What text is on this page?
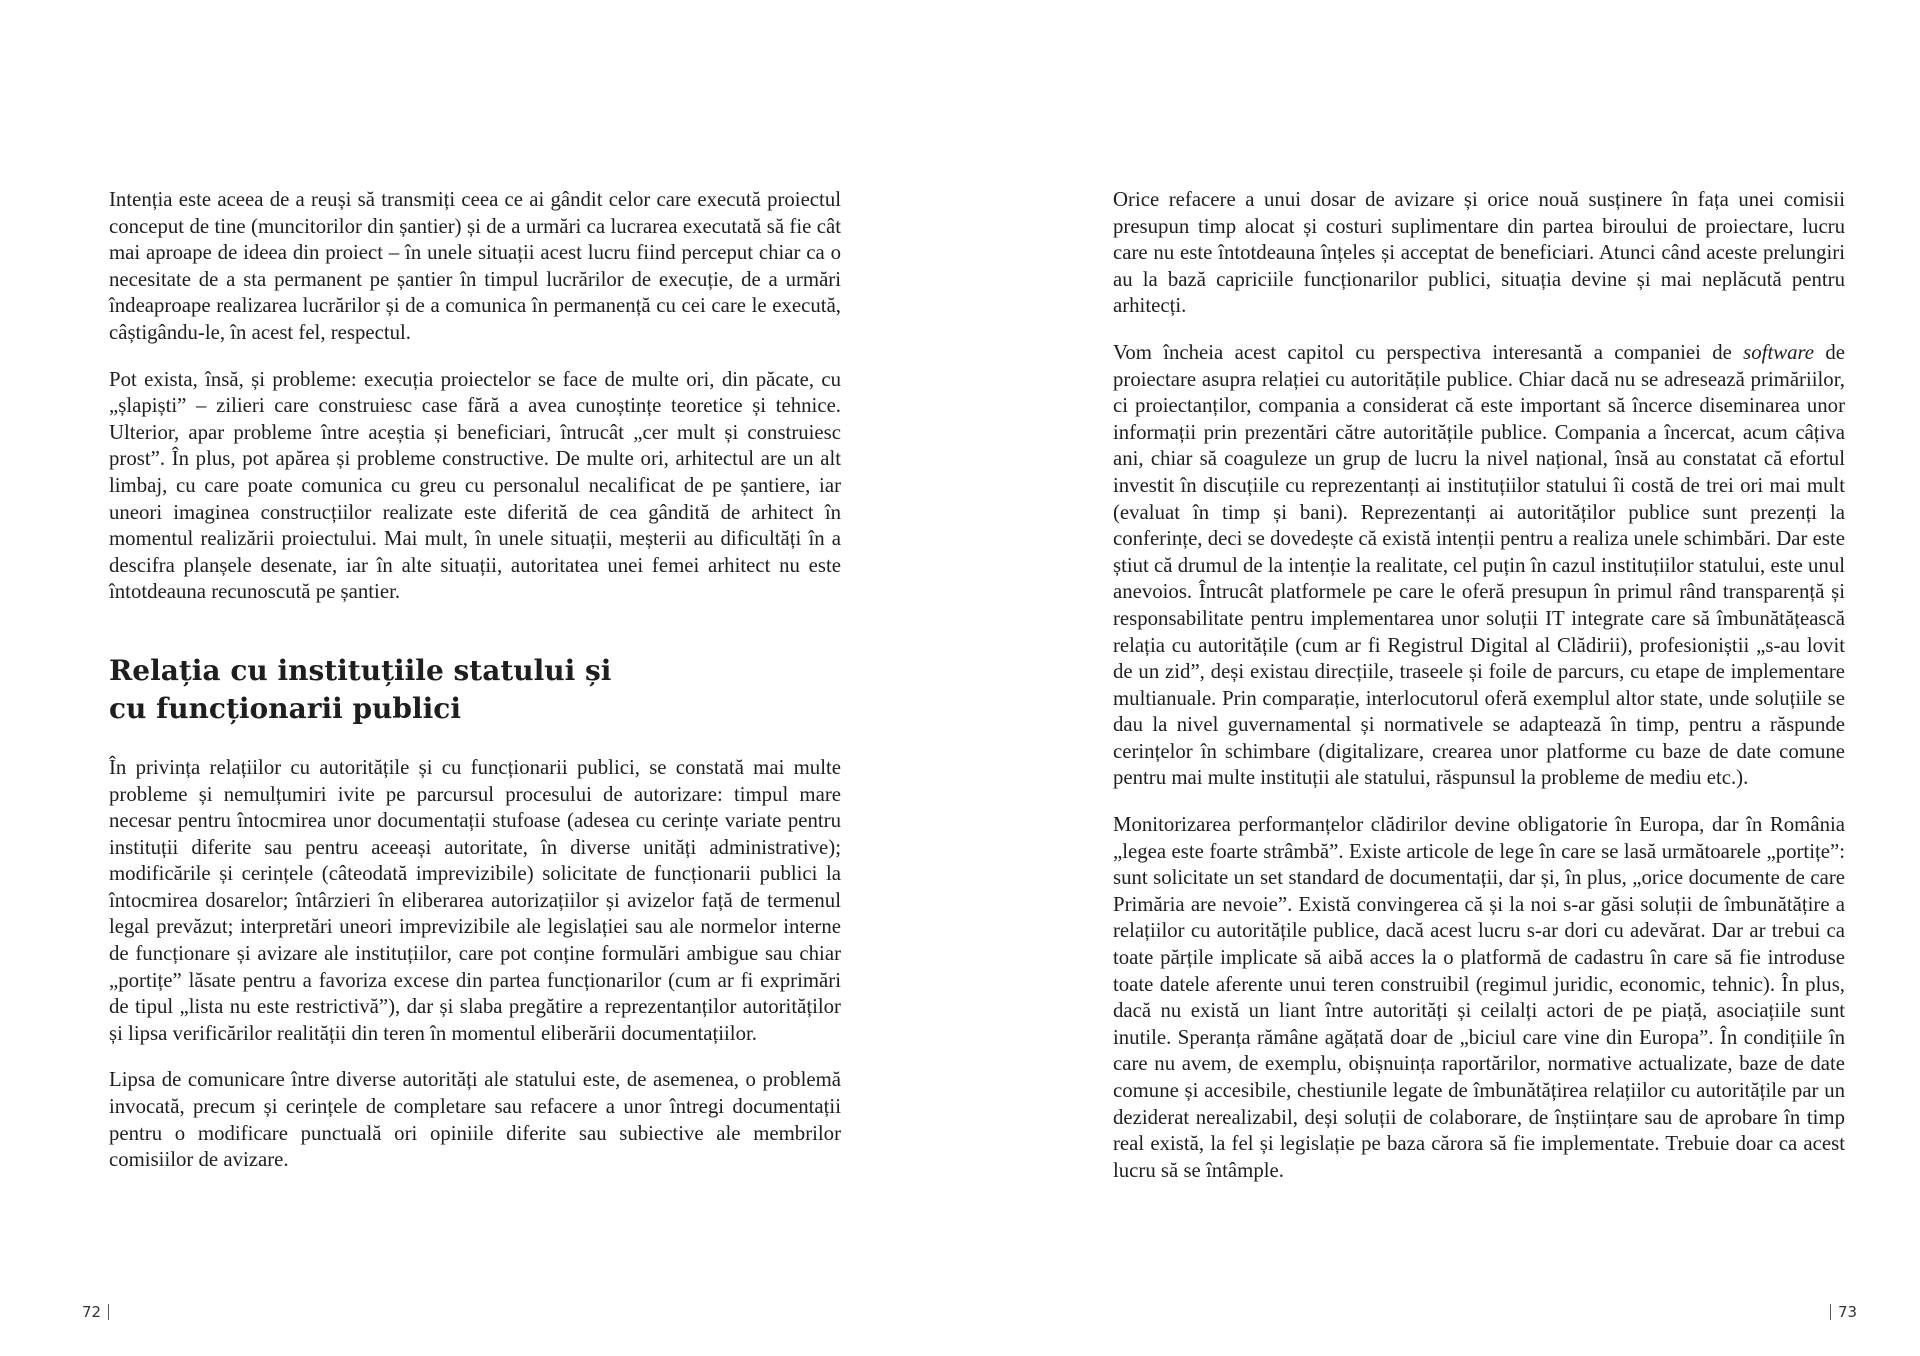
Intenția este aceea de a reuși să transmiți ceea ce ai gândit celor care execută proiectul conceput de tine (muncitorilor din șantier) și de a urmări ca lucrarea executată să fie cât mai aproape de ideea din proiect – în unele situații acest lucru fiind perceput chiar ca o necesitate de a sta permanent pe șantier în timpul lucrărilor de execuție, de a urmări îndeaproape realizarea lucrărilor și de a comunica în permanență cu cei care le execută, câștigându-le, în acest fel, respectul.

Pot exista, însă, și probleme: execuția proiectelor se face de multe ori, din păcate, cu „șlapiști” – zilieri care construiesc case fără a avea cunoștințe teoretice și tehnice. Ulterior, apar probleme între aceștia și beneficiari, întrucât „cer mult și construiesc prost”. În plus, pot apărea și probleme constructive. De multe ori, arhitectul are un alt limbaj, cu care poate comunica cu greu cu personalul necalificat de pe șantiere, iar uneori imaginea construcțiilor realizate este diferită de cea gândită de arhitect în momentul realizării proiectului. Mai mult, în unele situații, meșterii au dificultăți în a descifra planșele desenate, iar în alte situații, autoritatea unei femei arhitect nu este întotdeauna recunoscută pe șantier.

Relația cu instituțiile statului și cu funcționarii publici

În privința relațiilor cu autoritățile și cu funcționarii publici, se constată mai multe probleme și nemulțumiri ivite pe parcursul procesului de autorizare: timpul mare necesar pentru întocmirea unor documentații stufoase (adesea cu cerințe variate pentru instituții diferite sau pentru aceeași autoritate, în diverse unități administrative); modificările și cerințele (câteodată imprevizibile) solicitate de funcționarii publici la întocmirea dosarelor; întârzieri în eliberarea autorizațiilor și avizelor față de termenul legal prevăzut; interpretări uneori imprevizibile ale legislației sau ale normelor interne de funcționare și avizare ale instituțiilor, care pot conține formulări ambigue sau chiar „portițe” lăsate pentru a favoriza excese din partea funcționarilor (cum ar fi exprimări de tipul „lista nu este restrictivă”), dar și slaba pregătire a reprezentanților autorităților și lipsa verificărilor realității din teren în momentul eliberării documentațiilor.

Lipsa de comunicare între diverse autorități ale statului este, de asemenea, o problemă invocată, precum și cerințele de completare sau refacere a unor întregi documentații pentru o modificare punctuală ori opiniile diferite sau subiective ale membrilor comisiilor de avizare.

72

Orice refacere a unui dosar de avizare și orice nouă susținere în fața unei comisii presupun timp alocat și costuri suplimentare din partea biroului de proiectare, lucru care nu este întotdeauna înțeles și acceptat de beneficiari. Atunci când aceste prelungiri au la bază capriciile funcționarilor publici, situația devine și mai neplăcută pentru arhitecți.

Vom încheia acest capitol cu perspectiva interesantă a companiei de software de proiectare asupra relației cu autoritățile publice. Chiar dacă nu se adresează primăriilor, ci proiectanților, compania a considerat că este important să încerce diseminarea unor informații prin prezentări către autoritățile publice. Compania a încercat, acum câțiva ani, chiar să coaguleze un grup de lucru la nivel național, însă au constatat că efortul investit în discuțiile cu reprezentanți ai instituțiilor statului îi costă de trei ori mai mult (evaluat în timp și bani). Reprezentanți ai autorităților publice sunt prezenți la conferințe, deci se dovedește că există intenții pentru a realiza unele schimbări. Dar este știut că drumul de la intenție la realitate, cel puțin în cazul instituțiilor statului, este unul anevoios. Întrucât platformele pe care le oferă presupun în primul rând transparență și responsabilitate pentru implementarea unor soluții IT integrate care să îmbunătățească relația cu autoritățile (cum ar fi Registrul Digital al Clădirii), profesioniștii „s-au lovit de un zid”, deși existau direcțiile, traseele și foile de parcurs, cu etape de implementare multianuale. Prin comparație, interlocutorul oferă exemplul altor state, unde soluțiile se dau la nivel guvernamental și normativele se adaptează în timp, pentru a răspunde cerințelor în schimbare (digitalizare, crearea unor platforme cu baze de date comune pentru mai multe instituții ale statului, răspunsul la probleme de mediu etc.).

Monitorizarea performanțelor clădirilor devine obligatorie în Europa, dar în România „legea este foarte strâmbă”. Existe articole de lege în care se lasă următoarele „portițe”: sunt solicitate un set standard de documentații, dar și, în plus, „orice documente de care Primăria are nevoie”. Există convingerea că și la noi s-ar găsi soluții de îmbunătățire a relațiilor cu autoritățile publice, dacă acest lucru s-ar dori cu adevărat. Dar ar trebui ca toate părțile implicate să aibă acces la o platformă de cadastru în care să fie introduse toate datele aferente unui teren construibil (regimul juridic, economic, tehnic). În plus, dacă nu există un liant între autorități și ceilalți actori de pe piață, asociațiile sunt inutile. Speranța rămâne agățată doar de „biciul care vine din Europa”. În condițiile în care nu avem, de exemplu, obișnuința raportărilor, normative actualizate, baze de date comune și accesibile, chestiunile legate de îmbunătățirea relațiilor cu autoritățile par un deziderat nerealizabil, deși soluții de colaborare, de înștiințare sau de aprobare în timp real există, la fel și legislație pe baza cărora să fie implementate. Trebuie doar ca acest lucru să se întâmple.

73
